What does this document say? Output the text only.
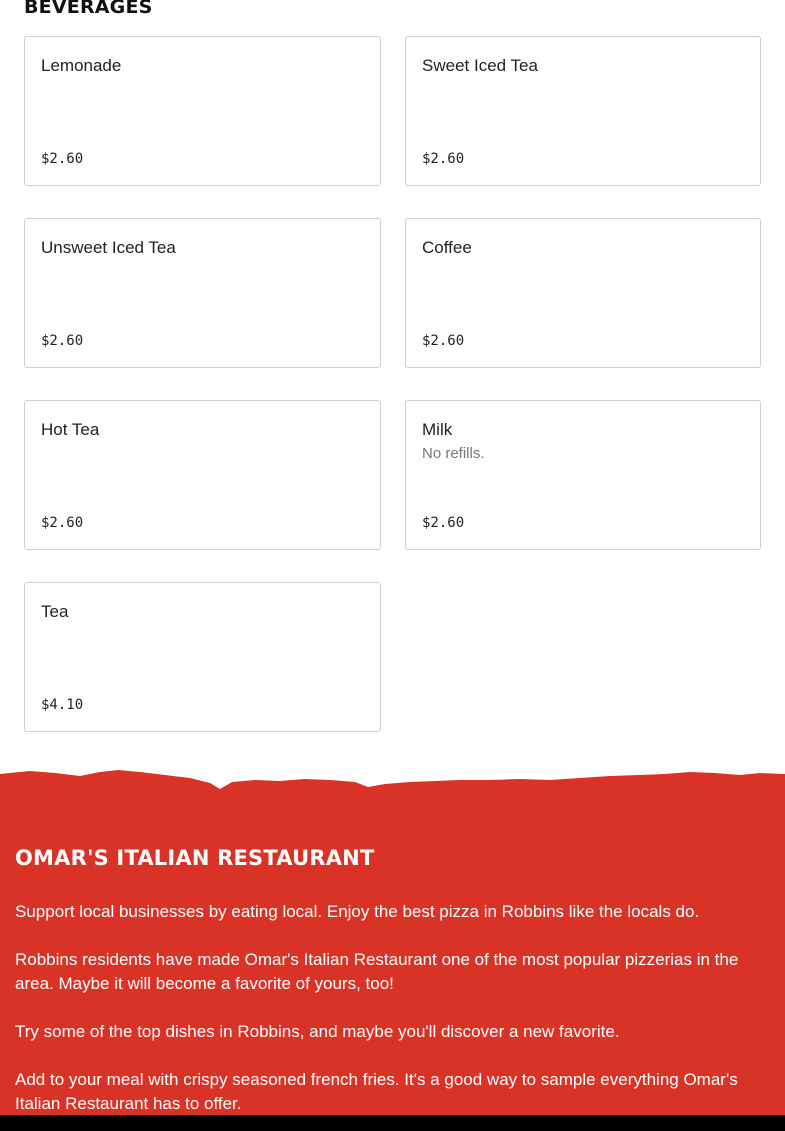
BEVERAGES
Lemonade
$2.60
Sweet Iced Tea
$2.60
Unsweet Iced Tea
$2.60
Coffee
$2.60
Hot Tea
$2.60
Milk
No refills.
$2.60
Tea
$4.10
OMAR'S ITALIAN RESTAURANT

Support local businesses by eating local. Enjoy the best pizza in Robbins like the locals do.

Robbins residents have made Omar's Italian Restaurant one of the most popular pizzerias in the area. Maybe it will become a favorite of yours, too!

Try some of the top dishes in Robbins, and maybe you'll discover a new favorite.

Add to your meal with crispy seasoned french fries. It's a good way to sample everything Omar's Italian Restaurant has to offer.
